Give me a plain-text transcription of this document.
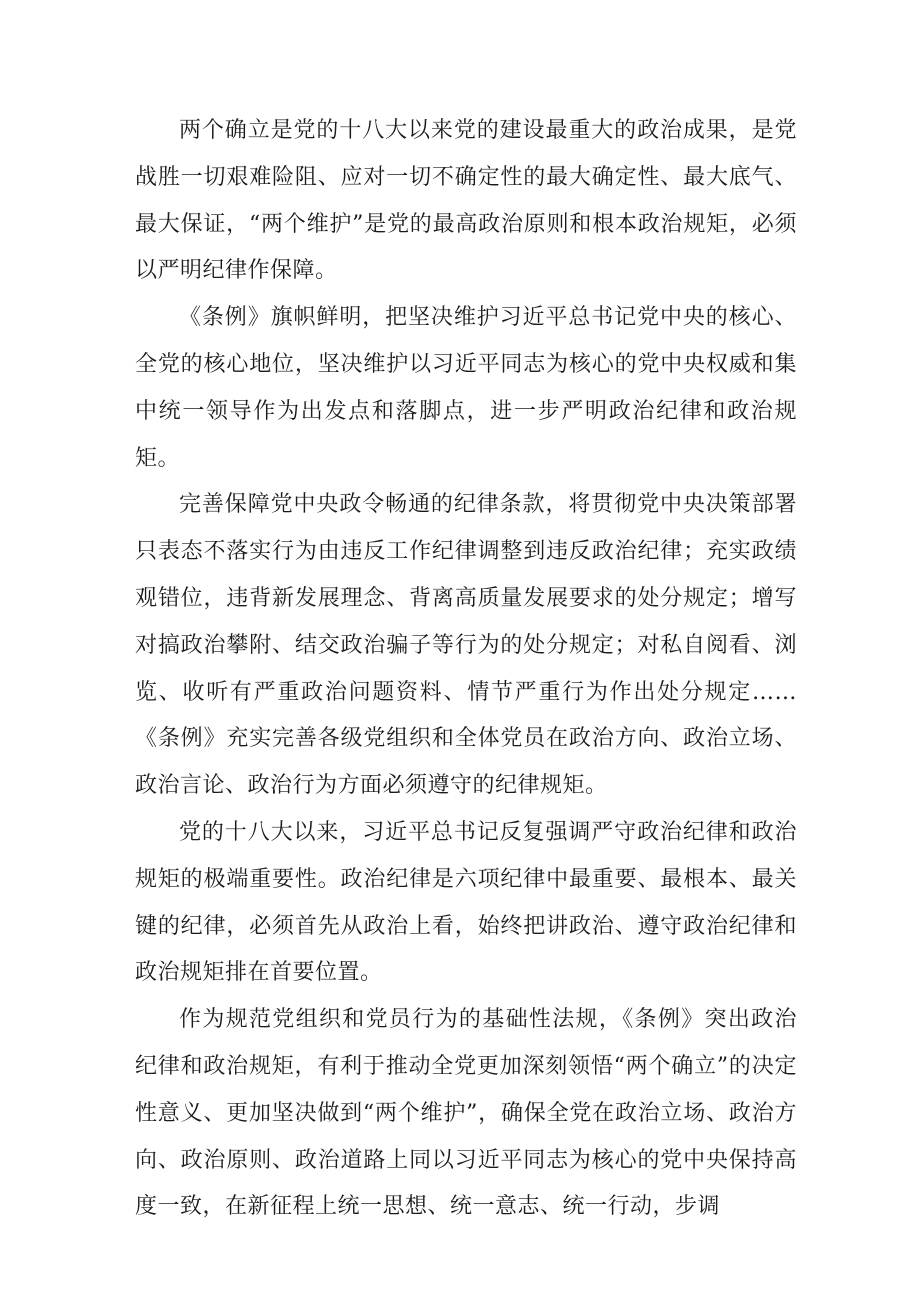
两个确立是党的十八大以来党的建设最重大的政治成果，是党战胜一切艰难险阻、应对一切不确定性的最大确定性、最大底气、最大保证，“两个维护”是党的最高政治原则和根本政治规矩，必须以严明纪律作保障。

《条例》旗帜鲜明，把坚决维护习近平总书记党中央的核心、全党的核心地位，坚决维护以习近平同志为核心的党中央权威和集中统一领导作为出发点和落脚点，进一步严明政治纪律和政治规矩。

完善保障党中央政令畅通的纪律条款，将贯彻党中央决策部署只表态不落实行为由违反工作纪律调整到违反政治纪律；充实政绩观错位，违背新发展理念、背离高质量发展要求的处分规定；增写对搞政治攀附、结交政治骗子等行为的处分规定；对私自阅看、浏览、收听有严重政治问题资料、情节严重行为作出处分规定……《条例》充实完善各级党组织和全体党员在政治方向、政治立场、政治言论、政治行为方面必须遵守的纪律规矩。

党的十八大以来，习近平总书记反复强调严守政治纪律和政治规矩的极端重要性。政治纪律是六项纪律中最重要、最根本、最关键的纪律，必须首先从政治上看，始终把讲政治、遵守政治纪律和政治规矩排在首要位置。

作为规范党组织和党员行为的基础性法规，《条例》突出政治纪律和政治规矩，有利于推动全党更加深刻领悟“两个确立”的决定性意义、更加坚决做到“两个维护”，确保全党在政治立场、政治方向、政治原则、政治道路上同以习近平同志为核心的党中央保持高度一致，在新征程上统一思想、统一意志、统一行动，步调
